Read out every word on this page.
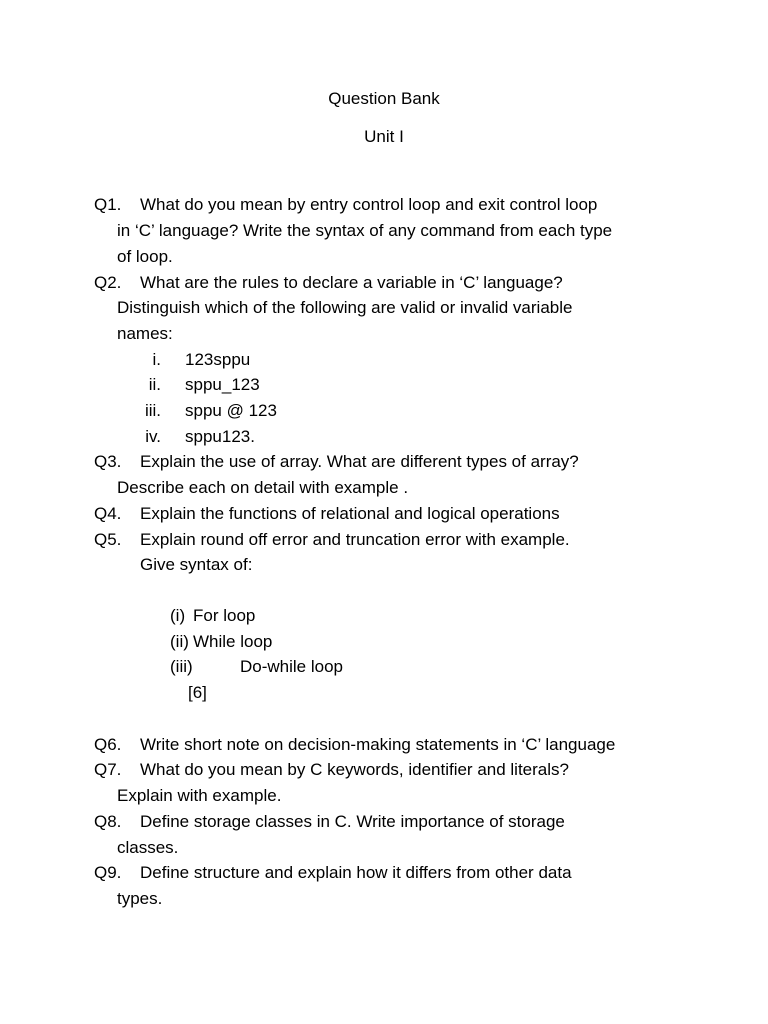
Question Bank
Unit I
Q1. What do you mean by entry control loop and exit control loop
in ‘C’ language? Write the syntax of any command from each type
of loop.
Q2. What are the rules to declare a variable in ‘C’ language?
Distinguish which of the following are valid or invalid variable
names:
i. 123sppu
ii. sppu_123
iii. sppu @ 123
iv. sppu123.
Q3. Explain the use of array. What are different types of array?
Describe each on detail with example .
Q4. Explain the functions of relational and logical operations
Q5. Explain round off error and truncation error with example.
Give syntax of:
(i) For loop
(ii) While loop
(iii)	Do-while loop
[6]
Q6. Write short note on decision-making statements in ‘C’ language
Q7. What do you mean by C keywords, identifier and literals?
Explain with example.
Q8. Define storage classes in C. Write importance of storage
classes.
Q9. Define structure and explain how it differs from other data
types.
